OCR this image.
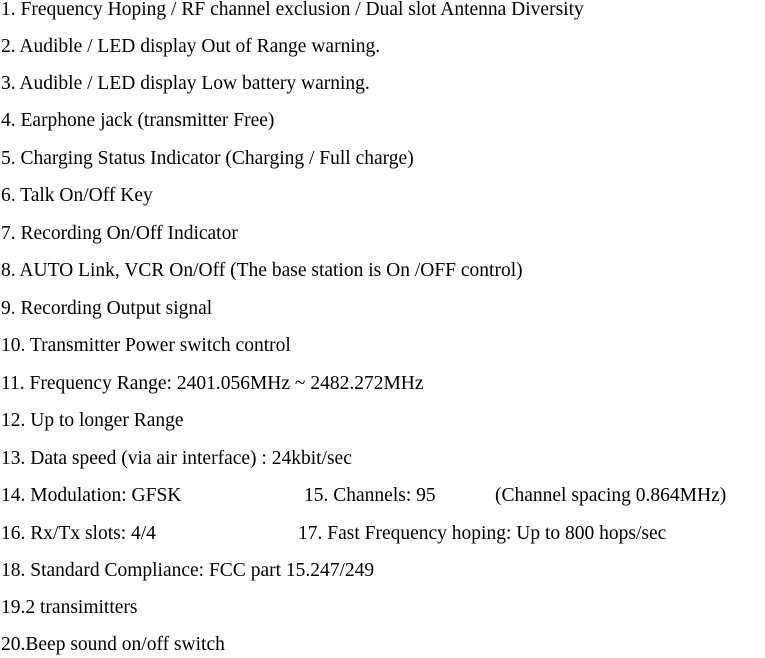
1. Frequency Hoping / RF channel exclusion / Dual slot Antenna Diversity
2. Audible / LED display Out of Range warning.
3. Audible / LED display Low battery warning.
4. Earphone jack (transmitter Free)
5. Charging Status Indicator (Charging / Full charge)
6. Talk On/Off Key
7. Recording On/Off Indicator
8. AUTO Link, VCR On/Off (The base station is On /OFF control)
9. Recording Output signal
10. Transmitter Power switch control
11. Frequency Range: 2401.056MHz ~ 2482.272MHz
12. Up to longer Range
13. Data speed (via air interface) : 24kbit/sec
14. Modulation: GFSK	15. Channels: 95	(Channel spacing 0.864MHz)
16. Rx/Tx slots: 4/4	17. Fast Frequency hoping: Up to 800 hops/sec
18. Standard Compliance: FCC part 15.247/249
19.2 transimitters
20.Beep sound on/off switch
